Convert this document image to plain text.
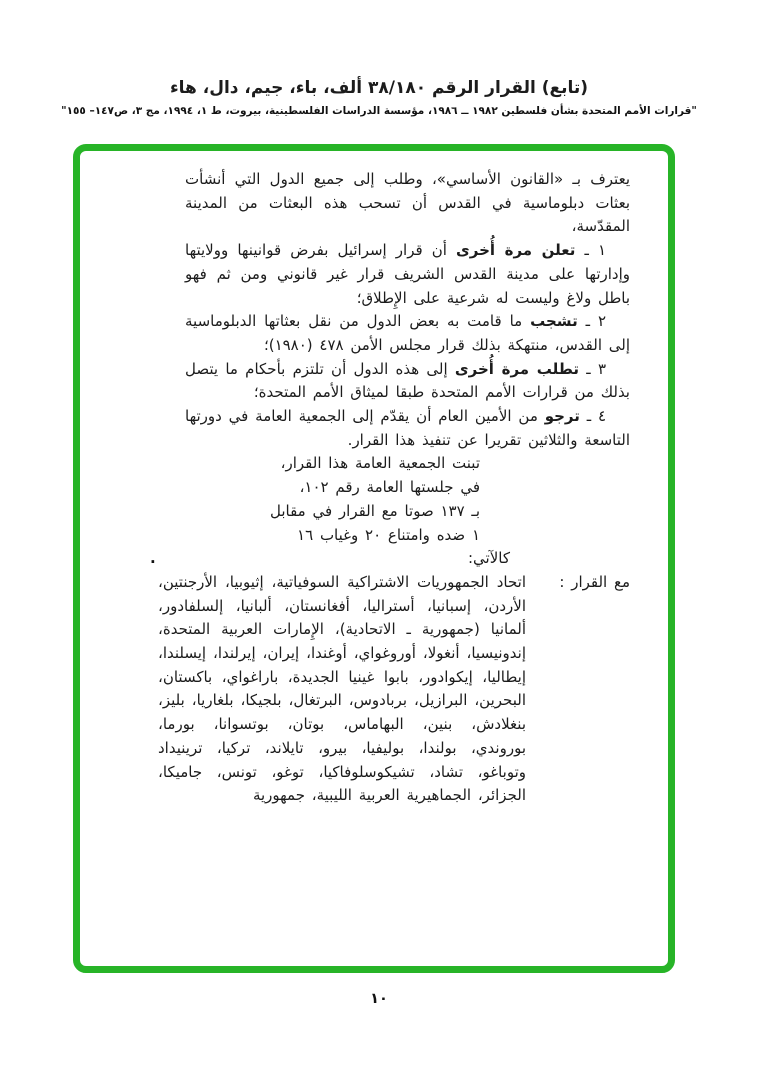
(تابع) القرار الرقم ٣٨/١٨٠ ألف، باء، جيم، دال، هاء
"قرارات الأمم المتحدة بشأن فلسطين ١٩٨٢ ــ ١٩٨٦، مؤسسة الدراسات الفلسطينية، بيروت، ط ١، ١٩٩٤، مج ٣، ص١٤٧– ١٥٥"
يعترف بـ «القانون الأساسي»، وطلب إلى جميع الدول التي أنشأت بعثات دبلوماسية في القدس أن تسحب هذه البعثات من المدينة المقدّسة،
١ ـ تعلن مرة أُخرى أن قرار إسرائيل بفرض قوانينها وولايتها وإدارتها على مدينة القدس الشريف قرار غير قانوني ومن ثم فهو باطل ولاغ وليست له شرعية على الإِطلاق؛
٢ ـ تشجب ما قامت به بعض الدول من نقل بعثاتها الدبلوماسية إلى القدس، منتهكة بذلك قرار مجلس الأمن ٤٧٨ (١٩٨٠)؛
٣ ـ تطلب مرة أُخرى إلى هذه الدول أن تلتزم بأحكام ما يتصل بذلك من قرارات الأمم المتحدة طبقا لميثاق الأمم المتحدة؛
٤ ـ ترجو من الأمين العام أن يقدّم إلى الجمعية العامة في دورتها التاسعة والثلاثين تقريرا عن تنفيذ هذا القرار.
تبنت الجمعية العامة هذا القرار،
في جلستها العامة رقم ١٠٢،
بـ ١٣٧ صوتا مع القرار في مقابل
١ ضده وامتناع ٢٠ وغياب ١٦
كالآتي:
مع القرار :
اتحاد الجمهوريات الاشتراكية السوفياتية، إثيوبيا، الأرجنتين، الأردن، إسبانيا، أستراليا، أفغانستان، ألبانيا، إلسلفادور، ألمانيا (جمهورية ـ الاتحادية)، الإِمارات العربية المتحدة، إندونيسيا، أنغولا، أوروغواي، أوغندا، إيران، إيرلندا، إيسلندا، إيطاليا، إيكوادور، بابوا غينيا الجديدة، باراغواي، باكستان، البحرين، البرازيل، بربادوس، البرتغال، بلجيكا، بلغاريا، بليز، بنغلادش، بنين، البهاماس، بوتان، بوتسوانا، بورما، بوروندي، بولندا، بوليفيا، بيرو، تايلاند، تركيا، ترينيداد وتوباغو، تشاد، تشيكوسلوفاكيا، توغو، تونس، جاميكا، الجزائر، الجماهيرية العربية الليبية، جمهورية
.
١٠
